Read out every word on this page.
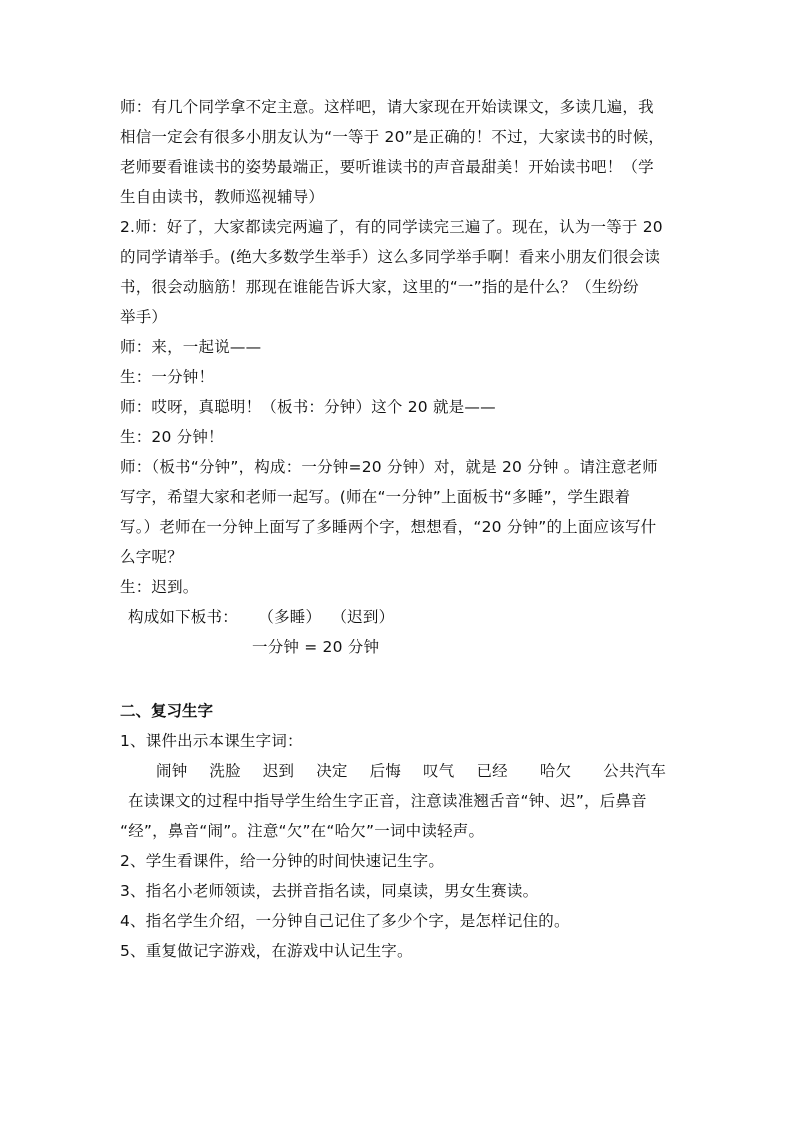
师：有几个同学拿不定主意。这样吧，请大家现在开始读课文，多读几遍，我
相信一定会有很多小朋友认为“一等于 20”是正确的！不过，大家读书的时候，
老师要看谁读书的姿势最端正，要听谁读书的声音最甜美！开始读书吧！（学
生自由读书，教师巡视辅导）
2.师：好了，大家都读完两遍了，有的同学读完三遍了。现在，认为一等于 20
的同学请举手。(绝大多数学生举手）这么多同学举手啊！看来小朋友们很会读
书，很会动脑筋！那现在谁能告诉大家，这里的“一”指的是什么？（生纷纷
举手）
师：来，一起说——
生：一分钟！
师：哎呀，真聪明！（板书：分钟）这个 20 就是——
生：20 分钟！
师：（板书“分钟”，构成：一分钟=20 分钟）对，就是 20 分钟 。请注意老师
写字，希望大家和老师一起写。(师在“一分钟”上面板书“多睡”，学生跟着
写。）老师在一分钟上面写了多睡两个字，想想看，“20 分钟”的上面应该写什
么字呢？
生：迟到。
构成如下板书：    （多睡）  （迟到）
一分钟 = 20 分钟
二、复习生字
1、课件出示本课生字词：
闹钟 洗脸 迟到 决定 后悔 叹气 已经 哈欠 公共汽车
在读课文的过程中指导学生给生字正音，注意读准翘舌音“钟、迟”，后鼻音
“经”，鼻音“闹”。注意“欠”在“哈欠”一词中读轻声。
2、学生看课件，给一分钟的时间快速记生字。
3、指名小老师领读，去拼音指名读，同桌读，男女生赛读。
4、指名学生介绍，一分钟自己记住了多少个字，是怎样记住的。
5、重复做记字游戏，在游戏中认记生字。
